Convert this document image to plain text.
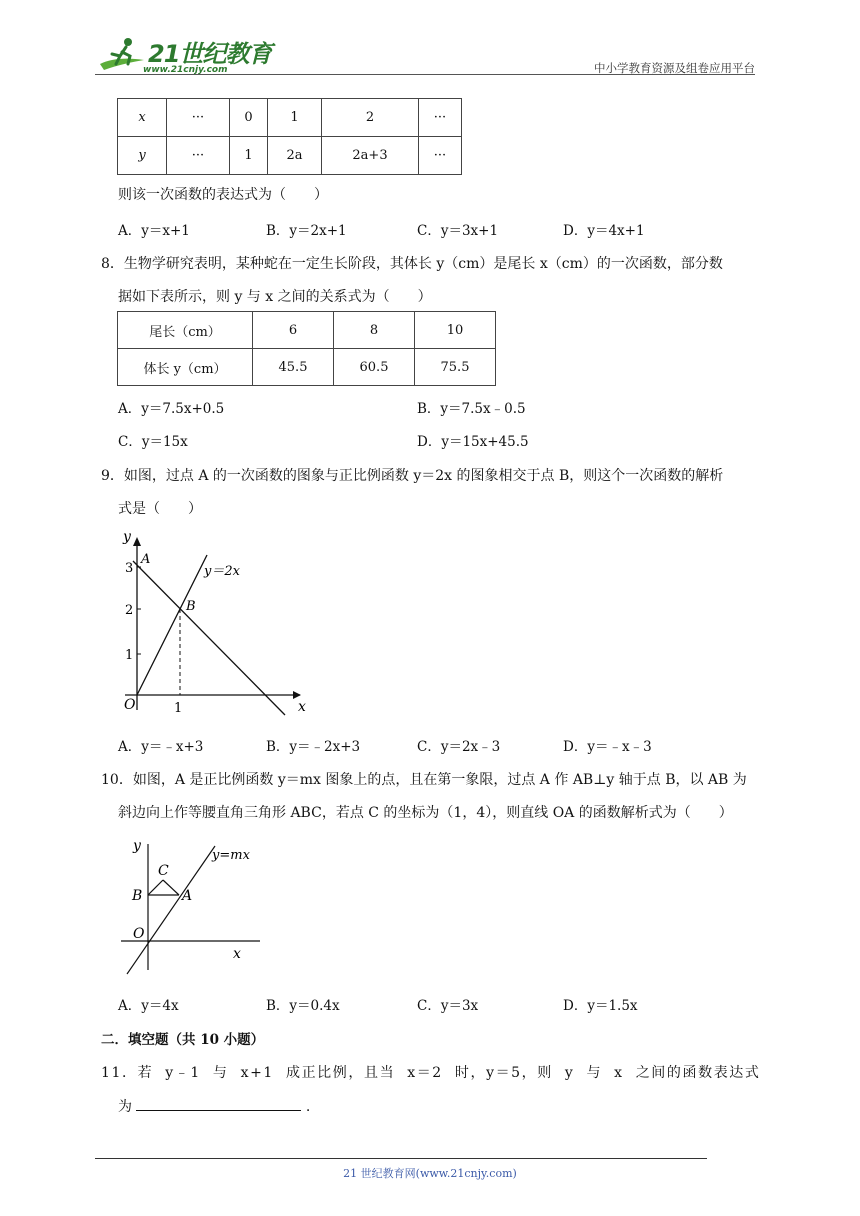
21世纪教育
www.21cnjy.com	中小学教育资源及组卷应用平台
x	···	0	1	2	···
y	···	1	2a	2a+3	···
则该一次函数的表达式为（　　）
A．y＝x+1	B．y＝2x+1	C．y＝3x+1	D．y＝4x+1
8．生物学研究表明，某种蛇在一定生长阶段，其体长 y（cm）是尾长 x（cm）的一次函数，部分数
据如下表所示，则 y 与 x 之间的关系式为（　　）
尾长（cm）	6	8	10
体长 y（cm）	45.5	60.5	75.5
A．y＝7.5x+0.5	B．y＝7.5x﹣0.5
C．y＝15x	D．y＝15x+45.5
9．如图，过点 A 的一次函数的图象与正比例函数 y＝2x 的图象相交于点 B，则这个一次函数的解析
式是（　　）
y
x
O
A
B
y＝2x
3
2
1
1
A．y＝﹣x+3	B．y＝﹣2x+3	C．y＝2x﹣3	D．y＝﹣x﹣3
10．如图，A 是正比例函数 y＝mx 图象上的点，且在第一象限，过点 A 作 AB⊥y 轴于点 B，以 AB 为
斜边向上作等腰直角三角形 ABC，若点 C 的坐标为（1，4），则直线 OA 的函数解析式为（　　）
y
x
O
B
C
A
y=mx
A．y＝4x	B．y＝0.4x	C．y＝3x	D．y＝1.5x
二．填空题（共 10 小题）
11．若 y﹣1 与 x+1 成正比例，且当 x＝2 时，y＝5，则 y 与 x 之间的函数表达式
为	.
21 世纪教育网(www.21cnjy.com)
